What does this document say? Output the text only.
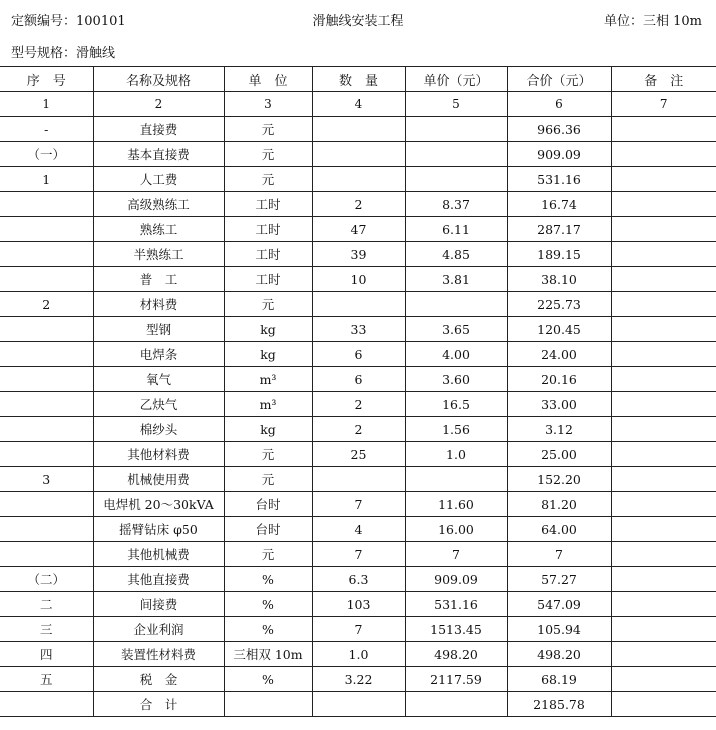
定额编号：100101	滑触线安装工程	单位：三相 10m
型号规格：滑触线
序　号	名称及规格	单　位	数　量	单价（元）	合价（元）	备　注
1	2	3	4	5	6	7
-	直接费	元			966.36	
（一）	基本直接费	元			909.09	
1	人工费	元			531.16	
	高级熟练工	工时	2	8.37	16.74	
	熟练工	工时	47	6.11	287.17	
	半熟练工	工时	39	4.85	189.15	
	普　工	工时	10	3.81	38.10	
2	材料费	元			225.73	
	型钢	kg	33	3.65	120.45	
	电焊条	kg	6	4.00	24.00	
	氧气	m³	6	3.60	20.16	
	乙炔气	m³	2	16.5	33.00	
	棉纱头	kg	2	1.56	3.12	
	其他材料费	元	25	1.0	25.00	
3	机械使用费	元			152.20	
	电焊机 20～30kVA	台时	7	11.60	81.20	
	摇臂钻床 φ50	台时	4	16.00	64.00	
	其他机械费	元	7	7	7	
（二）	其他直接费	%	6.3	909.09	57.27	
二	间接费	%	103	531.16	547.09	
三	企业利润	%	7	1513.45	105.94	
四	装置性材料费	三相双 10m	1.0	498.20	498.20	
五	税　金	%	3.22	2117.59	68.19	
	合　计				2185.78	
